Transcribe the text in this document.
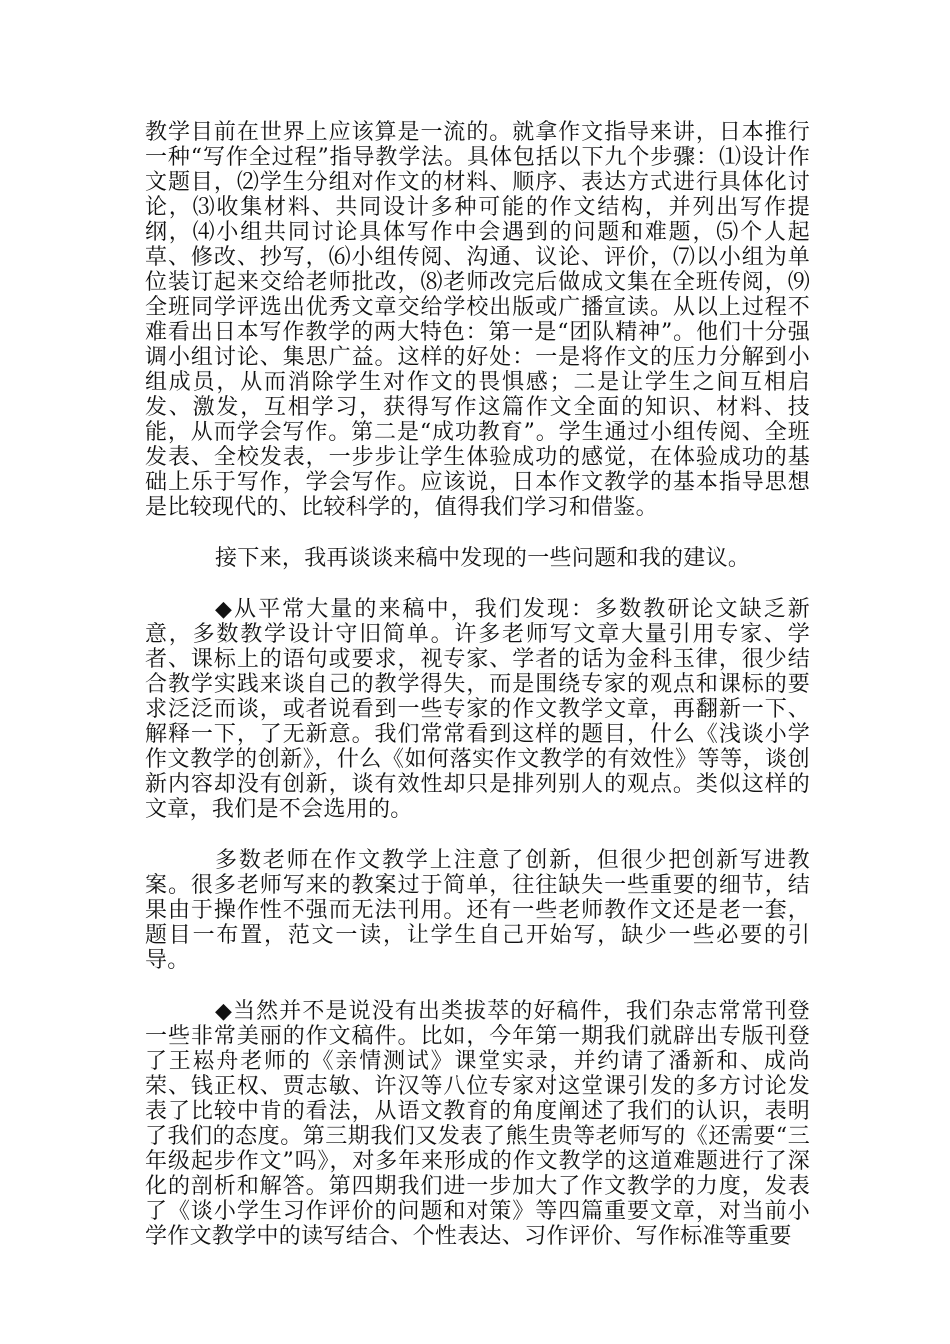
教学目前在世界上应该算是一流的。就拿作文指导来讲，日本推行一种“写作全过程”指导教学法。具体包括以下九个步骤：⑴设计作文题目，⑵学生分组对作文的材料、顺序、表达方式进行具体化讨论，⑶收集材料、共同设计多种可能的作文结构，并列出写作提纲，⑷小组共同讨论具体写作中会遇到的问题和难题，⑸个人起草、修改、抄写，⑹小组传阅、沟通、议论、评价，⑺以小组为单位装订起来交给老师批改，⑻老师改完后做成文集在全班传阅，⑼全班同学评选出优秀文章交给学校出版或广播宣读。从以上过程不难看出日本写作教学的两大特色：第一是“团队精神”。他们十分强调小组讨论、集思广益。这样的好处：一是将作文的压力分解到小组成员，从而消除学生对作文的畏惧感；二是让学生之间互相启发、激发，互相学习，获得写作这篇作文全面的知识、材料、技能，从而学会写作。第二是“成功教育”。学生通过小组传阅、全班发表、全校发表，一步步让学生体验成功的感觉，在体验成功的基础上乐于写作，学会写作。应该说，日本作文教学的基本指导思想是比较现代的、比较科学的，值得我们学习和借鉴。

接下来，我再谈谈来稿中发现的一些问题和我的建议。

◆从平常大量的来稿中，我们发现：多数教研论文缺乏新意，多数教学设计守旧简单。许多老师写文章大量引用专家、学者、课标上的语句或要求，视专家、学者的话为金科玉律，很少结合教学实践来谈自己的教学得失，而是围绕专家的观点和课标的要求泛泛而谈，或者说看到一些专家的作文教学文章，再翻新一下、解释一下，了无新意。我们常常看到这样的题目，什么《浅谈小学作文教学的创新》，什么《如何落实作文教学的有效性》等等，谈创新内容却没有创新，谈有效性却只是排列别人的观点。类似这样的文章，我们是不会选用的。

多数老师在作文教学上注意了创新，但很少把创新写进教案。很多老师写来的教案过于简单，往往缺失一些重要的细节，结果由于操作性不强而无法刊用。还有一些老师教作文还是老一套，题目一布置，范文一读，让学生自己开始写，缺少一些必要的引导。

◆当然并不是说没有出类拔萃的好稿件，我们杂志常常刊登一些非常美丽的作文稿件。比如，今年第一期我们就辟出专版刊登了王崧舟老师的《亲情测试》课堂实录，并约请了潘新和、成尚荣、钱正权、贾志敏、许汉等八位专家对这堂课引发的多方讨论发表了比较中肯的看法，从语文教育的角度阐述了我们的认识，表明了我们的态度。第三期我们又发表了熊生贵等老师写的《还需要“三年级起步作文”吗》，对多年来形成的作文教学的这道难题进行了深化的剖析和解答。第四期我们进一步加大了作文教学的力度，发表了《谈小学生习作评价的问题和对策》等四篇重要文章，对当前小学作文教学中的读写结合、个性表达、习作评价、写作标准等重要
